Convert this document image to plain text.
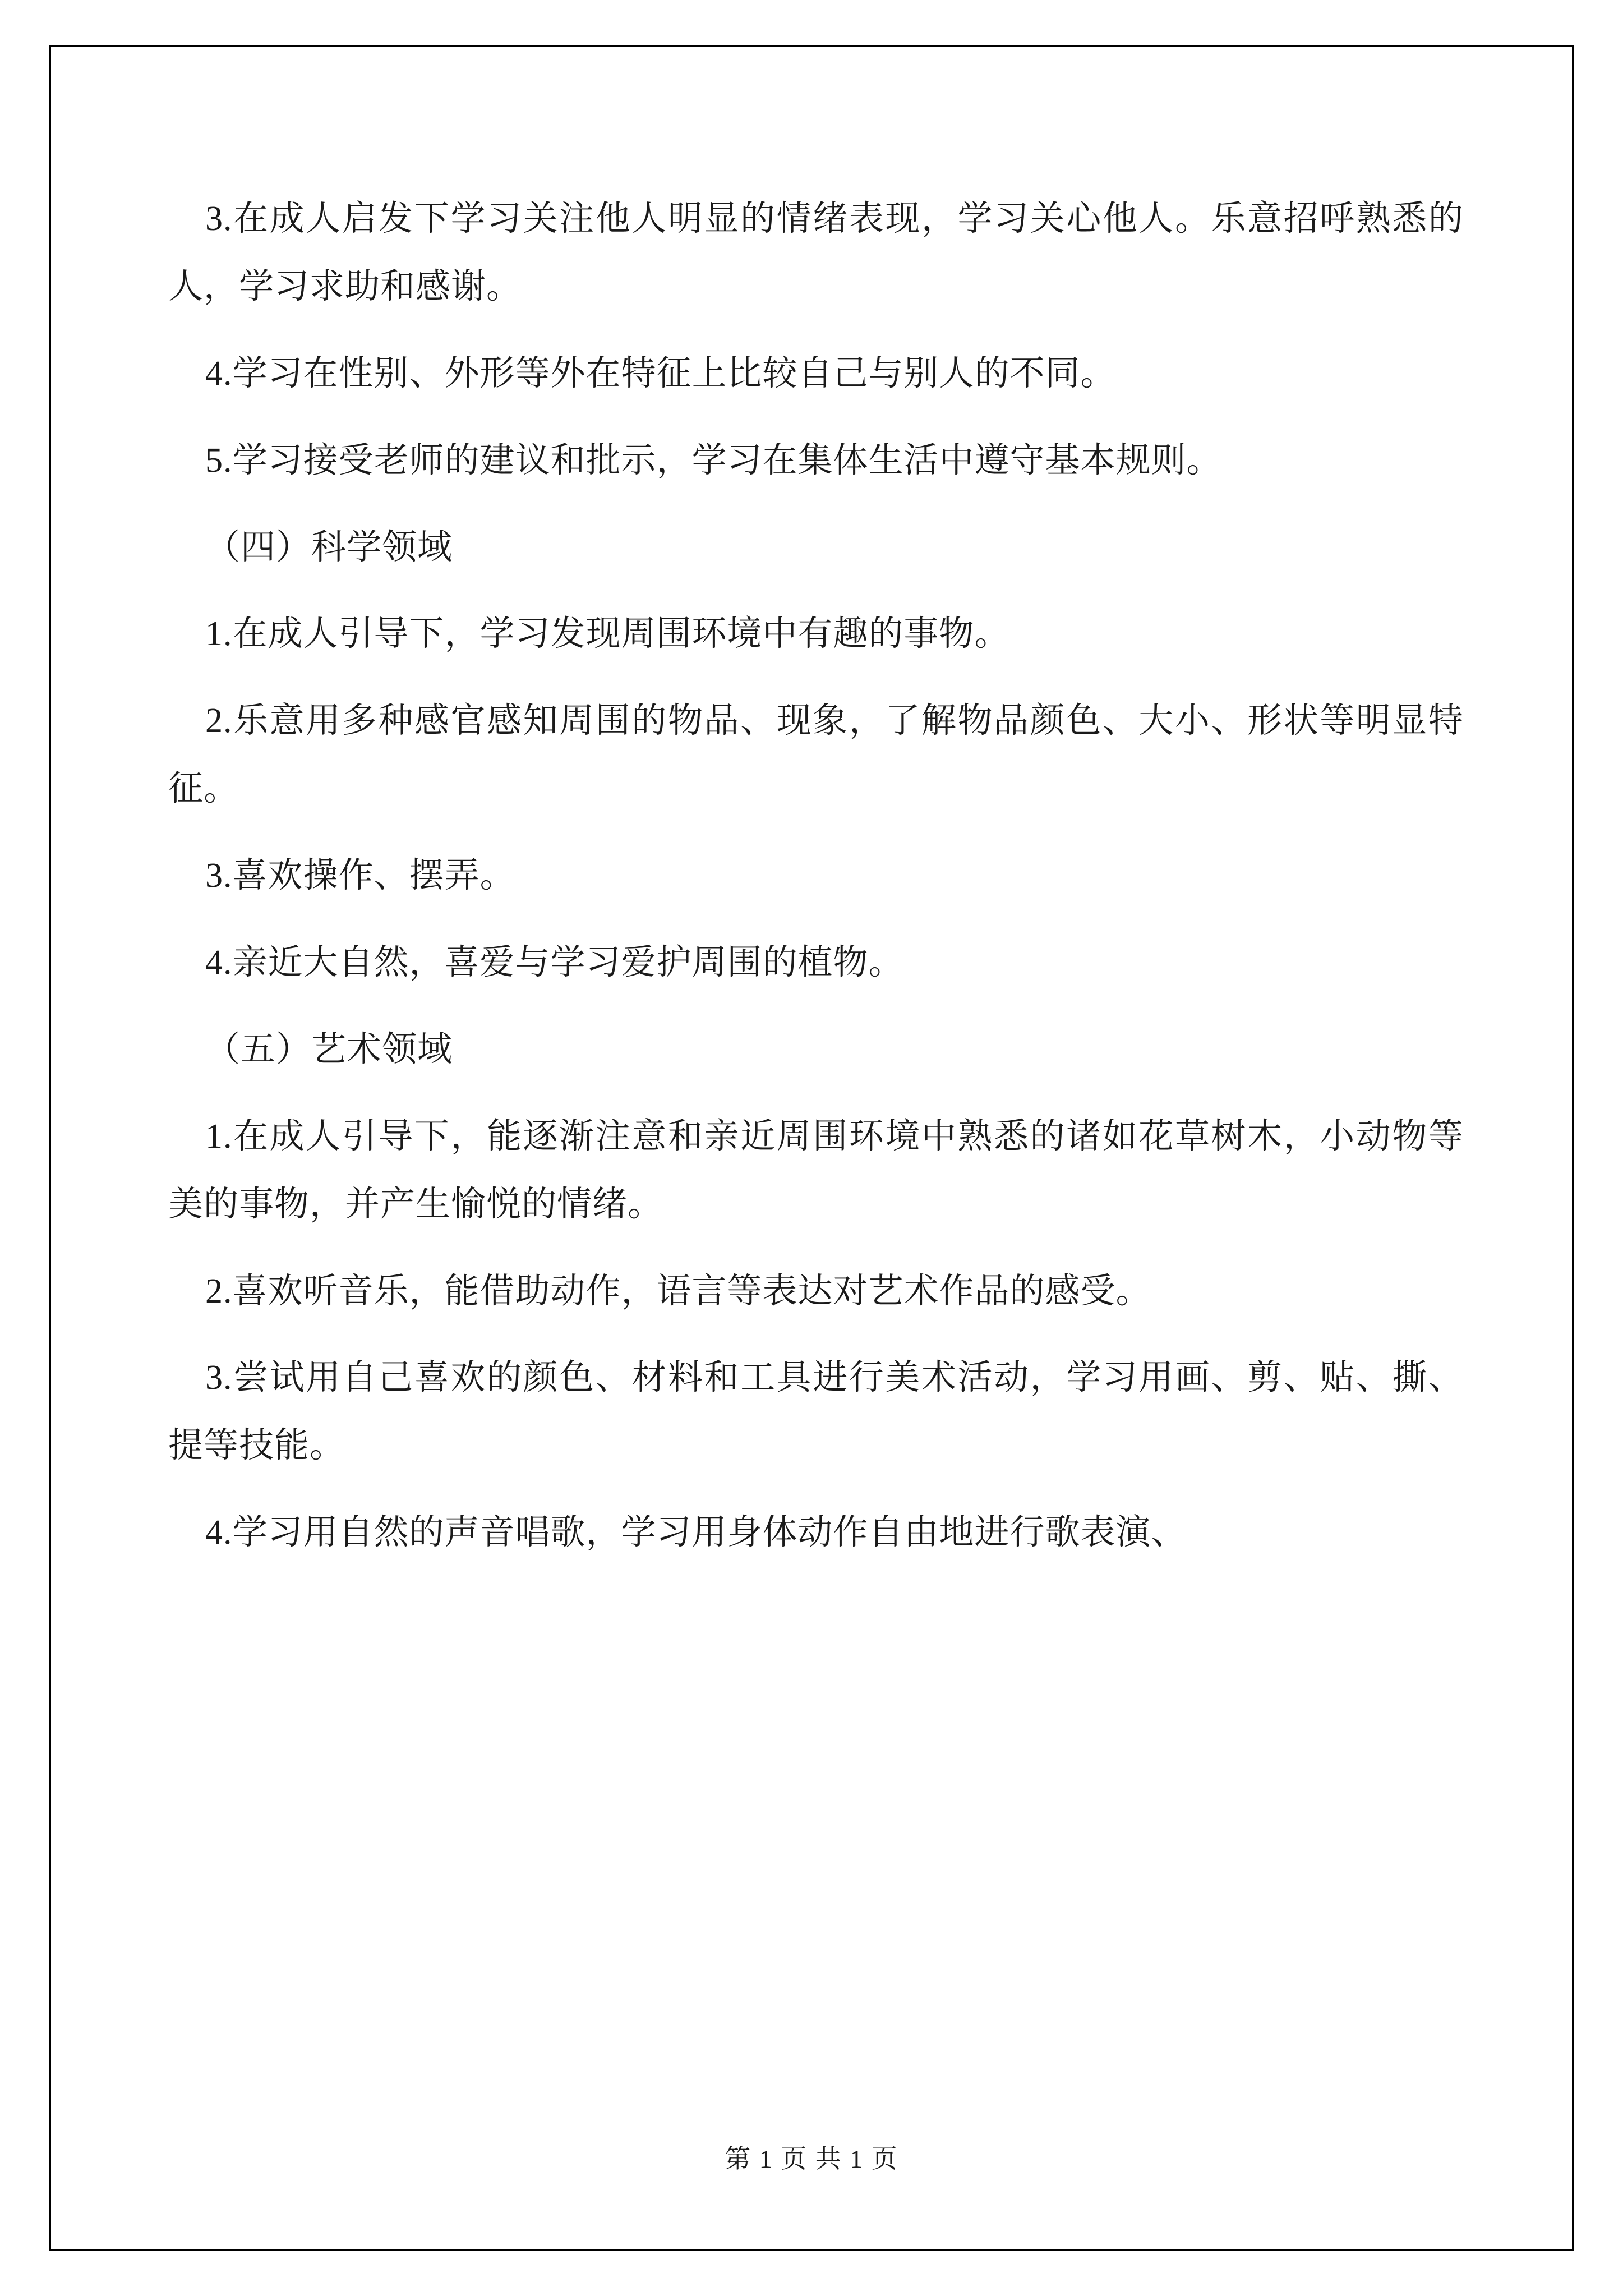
3.在成人启发下学习关注他人明显的情绪表现，学习关心他人。乐意招呼熟悉的人，学习求助和感谢。

4.学习在性别、外形等外在特征上比较自己与别人的不同。

5.学习接受老师的建议和批示，学习在集体生活中遵守基本规则。

（四）科学领域

1.在成人引导下，学习发现周围环境中有趣的事物。

2.乐意用多种感官感知周围的物品、现象，了解物品颜色、大小、形状等明显特征。

3.喜欢操作、摆弄。

4.亲近大自然，喜爱与学习爱护周围的植物。

（五）艺术领域

1.在成人引导下，能逐渐注意和亲近周围环境中熟悉的诸如花草树木，小动物等美的事物，并产生愉悦的情绪。

2.喜欢听音乐，能借助动作，语言等表达对艺术作品的感受。

3.尝试用自己喜欢的颜色、材料和工具进行美术活动，学习用画、剪、贴、撕、提等技能。

4.学习用自然的声音唱歌，学习用身体动作自由地进行歌表演、

第 1 页 共 1 页
